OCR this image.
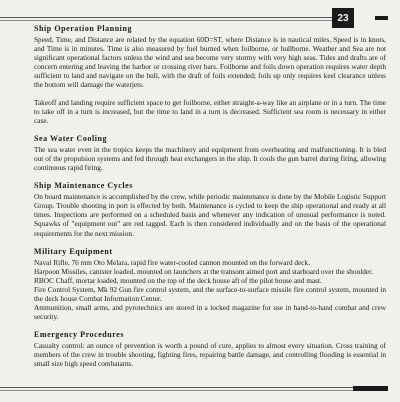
23
Ship Operation Planning

Speed, Time, and Distance are related by the equation 60D=ST, where Distance is in nautical miles, Speed is in knots, and Time is in minutes. Time is also measured by fuel burned when foilborne, or hullborne. Weather and Sea are not significant operational factors unless the wind and sea become very stormy with very high seas. Tides and drafts are of concern entering and leaving the harbor or crossing river bars. Foilborne and foils down operation requires water depth sufficient to land and navigate on the hull, with the draft of foils extended; foils up only requires keel clearance unless the bottom will damage the waterjets.

Takeoff and landing require sufficient space to get foilborne, either straight-a-way like an airplane or in a turn. The time to take off in a turn is increased, but the time to land in a turn is decreased. Sufficient sea room is necessary in either case.

Sea Water Cooling

The sea water even in the tropics keeps the machinery and equipment from overheating and malfunctioning. It is bled out of the propulsion systems and fed through heat exchangers in the ship. It cools the gun barrel during firing, allowing continuous rapid firing.

Ship Maintenance Cycles

On board maintenance is accomplished by the crew, while periodic maintenance is done by the Mobile Logistic Support Group. Trouble shooting in port is effected by both. Maintenance is cycled to keep the ship operational and ready at all times. Inspections are performed on a scheduled basis and whenever any indication of unusual performance is noted. Squawks of "equipment out" are red tagged. Each is then considered individually and on the basis of the operational requirements for the next mission.

Military Equipment
Naval Rifle, 76 mm Oto Melara, rapid fire water-cooled cannon mounted on the forward deck.
Harpoon Missiles, canister loaded, mounted on launchers at the transom aimed port and starboard over the shoulder.
RBOC Chaff, mortar loaded, mounted on the top of the deck house aft of the pilot house and mast.
Fire Control System, Mk 92 Gun fire control system, and the surface-to-surface missile fire control system, mounted in the deck house Combat Information Center.
Ammunition, small arms, and pyrotechnics are stored in a locked magazine for use in hand-to-hand combat and crew security.
Emergency Procedures

Casualty control: an ounce of prevention is worth a pound of cure, applies to almost every situation. Cross training of members of the crew in trouble shooting, fighting fires, repairing battle damage, and controlling flooding is essential in small size high speed combatants.
